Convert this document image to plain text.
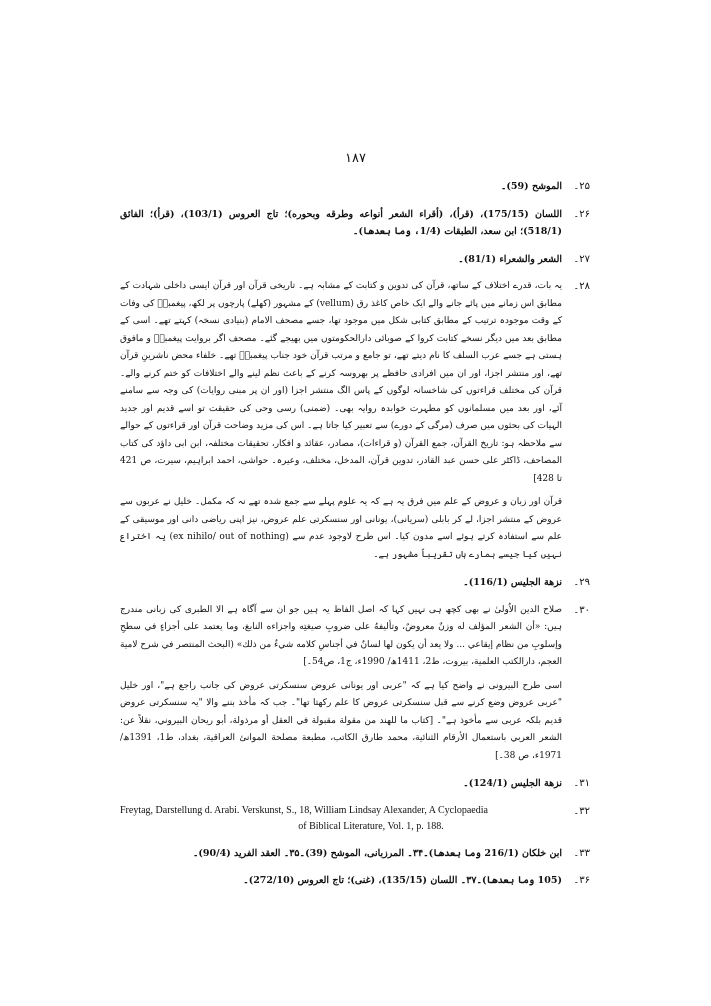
۱۸۷
۲۵۔
الموشح (59)۔
۲۶۔
اللسان (175/15)، (قرأ)، (أقراء الشعر أنواعه وطرقه وبحوره)؛ تاج العروس (103/1)، (قرأ)؛ الفائق (518/1)؛ ابن سعد، الطبقات (1/4، وما بعدها)۔
۲۷۔
الشعر والشعراء (81/1)۔
۲۸۔
یہ بات، قدرے اختلاف کے ساتھ، قرآن کی تدوین و کتابت کے مشابہ ہے۔ تاریخی قرآن اور قرآن ایسی داخلی شہادت کے مطابق اس زمانے میں پائے جانے والے ایک خاص کاغذ رق (vellum) کے مشہور (کھلے) پارچوں پر لکھ، پیغمبرؐ کی وفات کے وقت موجودہ ترتیب کے مطابق کتابی شکل میں موجود تھا، جسے مصحف الامام (بنیادی نسخہ) کہتے تھے۔ اسی کے مطابق بعد میں دیگر نسخے کتابت کروا کے صوبائی دارالحکومتوں میں بھیجے گئے۔ مصحف اگر بروایت پیغمبرؐ و مافوق ہستی ہے جسے عرب السلف کا نام دیتے تھے، تو جامع و مرتب قرآن خود جناب پیغمبرؐ تھے۔ خلفاء محض ناشرینِ قرآن تھے، اور منتشر اجزا، اور ان میں افرادی حافظے پر بھروسہ کرنے کے باعث نظم لینے والے اختلافات کو ختم کرنے والے۔ قرآن کی مختلف قراءتوں کی شاخسانہ لوگوں کے پاس الگ منتشر اجزا (اور ان پر مبنی روایات) کی وجہ سے سامنے آئے، اور بعد میں مسلمانوں کو مطہرت خوابدہ روایہ بھی۔ (ضمنی) رسی وحی کی حقیقت تو اسے قدیم اور جدید الہیات کی بحثوں میں صرف (مرگی کے دورے) سے تعبیر کیا جاتا ہے۔ اس کی مزید وضاحت قرآن اور قراءتوں کے حوالے سے ملاحظہ ہو: تاریخ القرآن، جمع القرآن (و قراءات)، مصادر، عقائد و افکار، تحقیقات مختلفہ، ابن ابی داؤد کی کتاب المصاحف، ڈاکٹر علی حسن عبد القادر، تدوین قرآن، المدخل، مختلف، وعیرہ۔ حواشی، احمد ابراہیم، سیرت، ص 421 تا 428]
قرآن اور زبان و عروض کے علم میں فرق یہ ہے کہ یہ علوم پہلے سے جمع شدہ تھے نہ کہ مکمل۔ خلیل نے عربوں سے عروض کے منتشر اجزا، لے کر بابلی (سریانی)، یونانی اور سنسکرتی علم عروض، نیز اپنی ریاضی دانی اور موسیقی کے علم سے استفادہ کرتے ہوئے اسے مدون کیا۔ اس طرح لاوجود عدم سے (ex nihilo/ out of nothing) یہ اختراع نہیں کیا جیسے ہمارے ہاں تقریباً مشہور ہے۔
۲۹۔
نزهة الجليس (116/1)۔
۳۰۔
صلاح الدین الاُولیٰ نے بھی کچھ ہی نہیں کہا کہ اصل الفاظ یہ ہیں جو ان سے آگاہ ہے الا الطبری کی زبانی مندرج ہیں: «أن الشعر المؤلف له وزنٌ معروضٌ، وتأليفهُ على ضروبِ صيغتِه واجزاءه النابغ، وما يعتمد على أجزاءٍ في سطحِ وإسلوبِ من نظام إيقاعي ... ولا يعد أن يكون لها لسانٌ في أجناسِ كلامه شيءٌ من ذلك» (البحث المنتصر في شرح لامية العجم، دارالكتب العلمية، بيروت، ط2، 1411ھ/ 1990ء، ج1، ص54۔]
اسی طرح البیرونی نے واضح کیا ہے کہ "عربی اور یونانی عروض سنسکرتی عروض کی جانب راجع ہے"، اور خلیل "عربی عروض وضع کرنے سے قبل سنسکرتی عروض کا علم رکھتا تھا"۔ جب کہ مأخذ بننے والا "یہ سنسکرتی عروض قدیم بلکہ عربی سے مأخوذ ہے"۔ [کتاب ما للهند من مقولة مقبولة في العقل أو مرذولة، أبو ريحان البيروني، نقلاً عن: الشعر العربي باستعمال الأرقام الثنائية، محمد طارق الكاتب، مطبعة مصلحة الموانئ العراقية، بغداد، ط1، 1391ھ/ 1971ء، ص 38۔]
۳۱۔
نزهة الجليس (124/1)۔
۳۲۔
Freytag, Darstellung d. Arabi. Verskunst, S., 18, William Lindsay Alexander, A Cyclopaedia
of Biblical Literature, Vol. 1, p. 188.
۳۳۔
ابن خلکان (216/1 وما بعدها)۔۳۴۔ المرزبانی، الموشح (39)۔۳۵۔ العقد الفريد (90/4)۔
۳۶۔
(105 وما بعدها)۔۳۷۔ اللسان (135/15)، (غنى)؛ تاج العروس (272/10)۔
